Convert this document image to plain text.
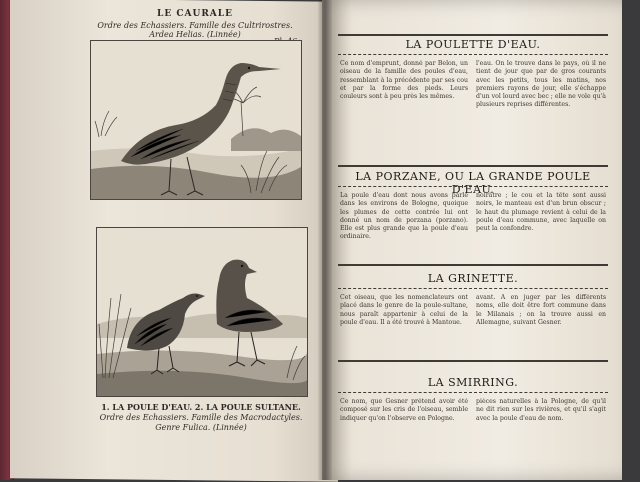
LE CAURALE
Ordre des Echassiers. Famille des Cultrirostres.
Ardea Helias. (Linnée)
1. LA POULE D'EAU. 2. LA POULE SULTANE.
Ordre des Echassiers. Famille des Macrodactyles.
Genre Fulica. (Linnée)
LA POULETTE D'EAU.
Ce nom d'emprunt, donné par Belon, un oiseau de la famille des poules d'eau, ressemblant à la précédente par ses cou et par la forme des pieds. Leurs couleurs sont à peu près les mêmes.
l'eau. On le trouve dans le pays, où il ne tient de jour que par de gros courants avec les petits, tous les matins, nos premiers rayons de jour, elle s'échappe d'un vol lourd avec bec ; elle ne vole qu'à plusieurs reprises différentes.
LA PORZANE, OU LA GRANDE POULE D'EAU.
La poule d'eau dont nous avons parlé dans les environs de Bologne, quoique les plumes de cette contrée lui ont donné un nom de porzana (porzano). Elle est plus grande que la poule d'eau ordinaire.
noirâtre ; le cou et la tête sont aussi noirs, le manteau est d'un brun obscur ; le haut du plumage revient à celui de la poule d'eau commune, avec laquelle on peut la confondre.
LA GRINETTE.
Cet oiseau, que les nomenclateurs ont placé dans le genre de la poule-sultane, nous paraît appartenir à celui de la poule d'eau. Il a été trouvé à Mantoue.
avant. A en juger par les différents noms, elle doit être fort commune dans le Milanais ; on la trouve aussi en Allemagne, suivant Gesner.
LA SMIRRING.
Ce nom, que Gesner prétend avoir été composé sur les cris de l'oiseau, semble indiquer qu'on l'observe en Pologne.
pièces naturelles à la Pologne, de qu'il ne dit rien sur les rivières, et qu'il s'agit avec la poule d'eau de nom.
